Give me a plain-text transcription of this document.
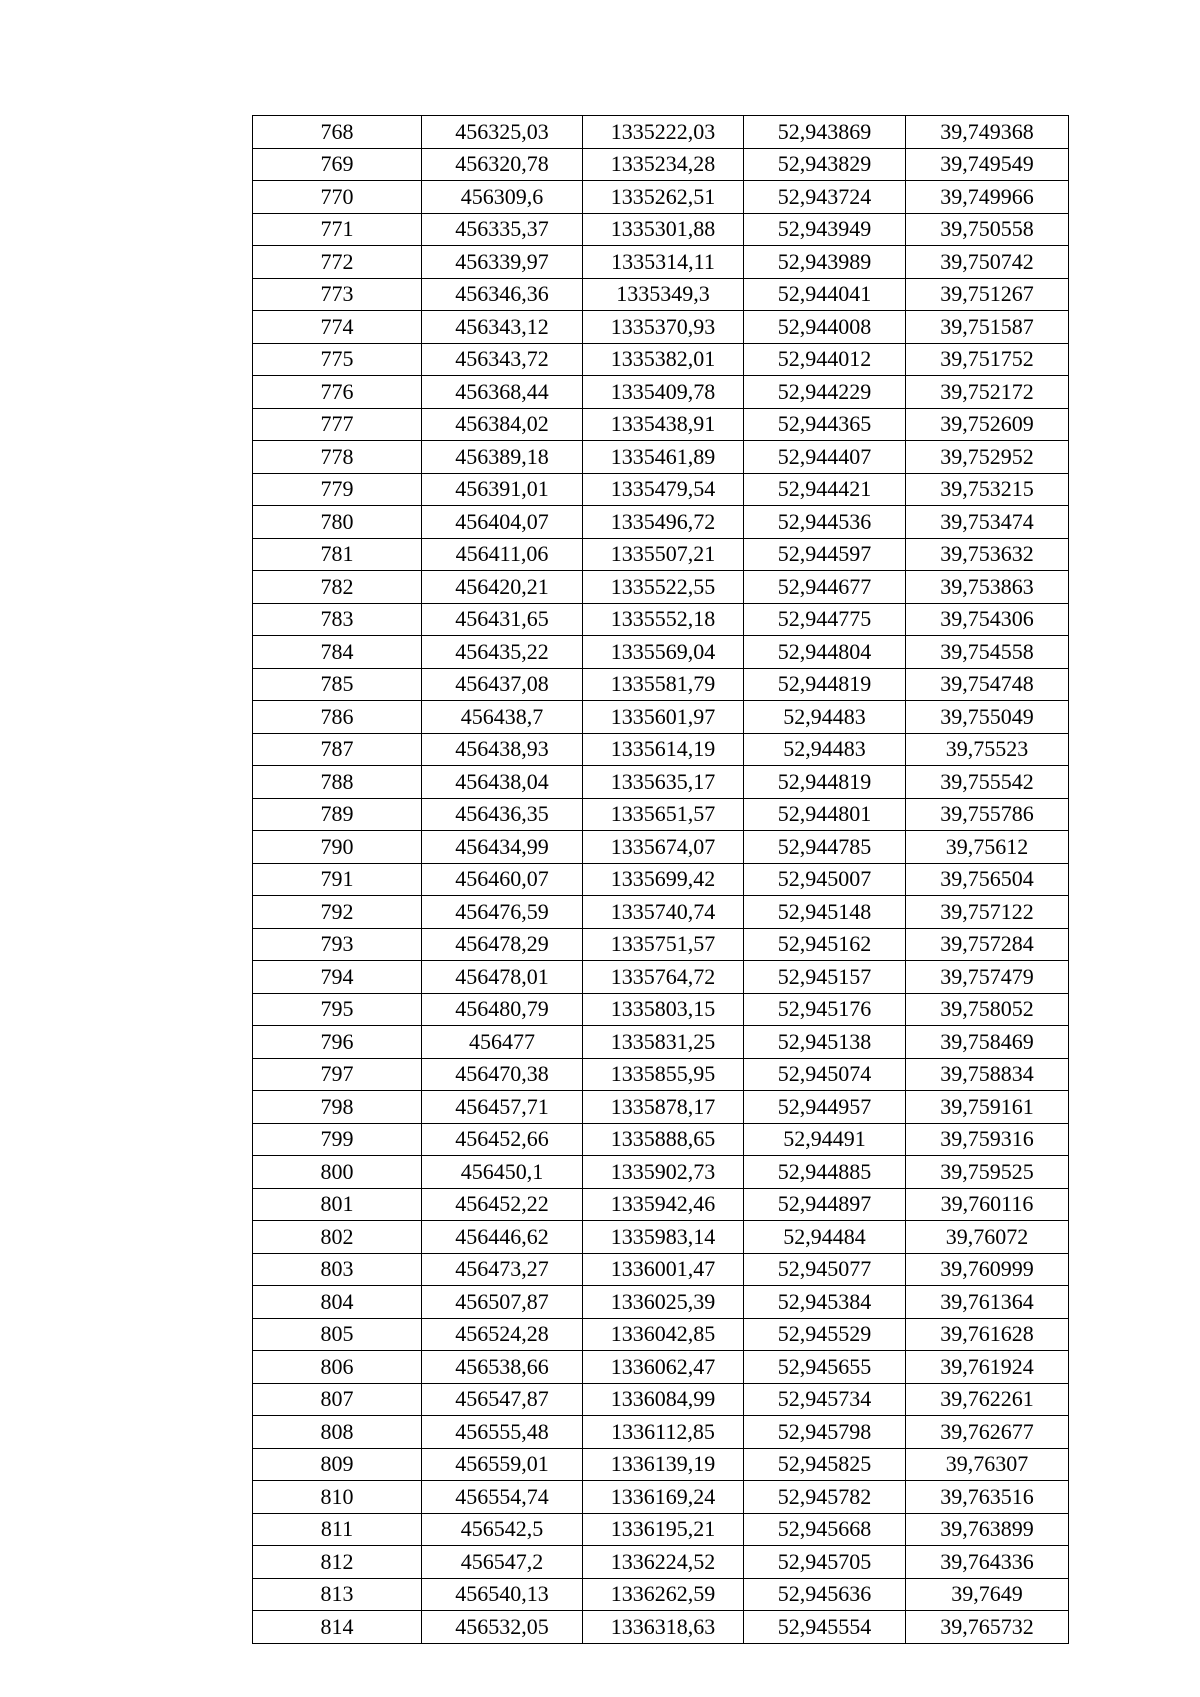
768	456325,03	1335222,03	52,943869	39,749368
769	456320,78	1335234,28	52,943829	39,749549
770	456309,6	1335262,51	52,943724	39,749966
771	456335,37	1335301,88	52,943949	39,750558
772	456339,97	1335314,11	52,943989	39,750742
773	456346,36	1335349,3	52,944041	39,751267
774	456343,12	1335370,93	52,944008	39,751587
775	456343,72	1335382,01	52,944012	39,751752
776	456368,44	1335409,78	52,944229	39,752172
777	456384,02	1335438,91	52,944365	39,752609
778	456389,18	1335461,89	52,944407	39,752952
779	456391,01	1335479,54	52,944421	39,753215
780	456404,07	1335496,72	52,944536	39,753474
781	456411,06	1335507,21	52,944597	39,753632
782	456420,21	1335522,55	52,944677	39,753863
783	456431,65	1335552,18	52,944775	39,754306
784	456435,22	1335569,04	52,944804	39,754558
785	456437,08	1335581,79	52,944819	39,754748
786	456438,7	1335601,97	52,94483	39,755049
787	456438,93	1335614,19	52,94483	39,75523
788	456438,04	1335635,17	52,944819	39,755542
789	456436,35	1335651,57	52,944801	39,755786
790	456434,99	1335674,07	52,944785	39,75612
791	456460,07	1335699,42	52,945007	39,756504
792	456476,59	1335740,74	52,945148	39,757122
793	456478,29	1335751,57	52,945162	39,757284
794	456478,01	1335764,72	52,945157	39,757479
795	456480,79	1335803,15	52,945176	39,758052
796	456477	1335831,25	52,945138	39,758469
797	456470,38	1335855,95	52,945074	39,758834
798	456457,71	1335878,17	52,944957	39,759161
799	456452,66	1335888,65	52,94491	39,759316
800	456450,1	1335902,73	52,944885	39,759525
801	456452,22	1335942,46	52,944897	39,760116
802	456446,62	1335983,14	52,94484	39,76072
803	456473,27	1336001,47	52,945077	39,760999
804	456507,87	1336025,39	52,945384	39,761364
805	456524,28	1336042,85	52,945529	39,761628
806	456538,66	1336062,47	52,945655	39,761924
807	456547,87	1336084,99	52,945734	39,762261
808	456555,48	1336112,85	52,945798	39,762677
809	456559,01	1336139,19	52,945825	39,76307
810	456554,74	1336169,24	52,945782	39,763516
811	456542,5	1336195,21	52,945668	39,763899
812	456547,2	1336224,52	52,945705	39,764336
813	456540,13	1336262,59	52,945636	39,7649
814	456532,05	1336318,63	52,945554	39,765732
